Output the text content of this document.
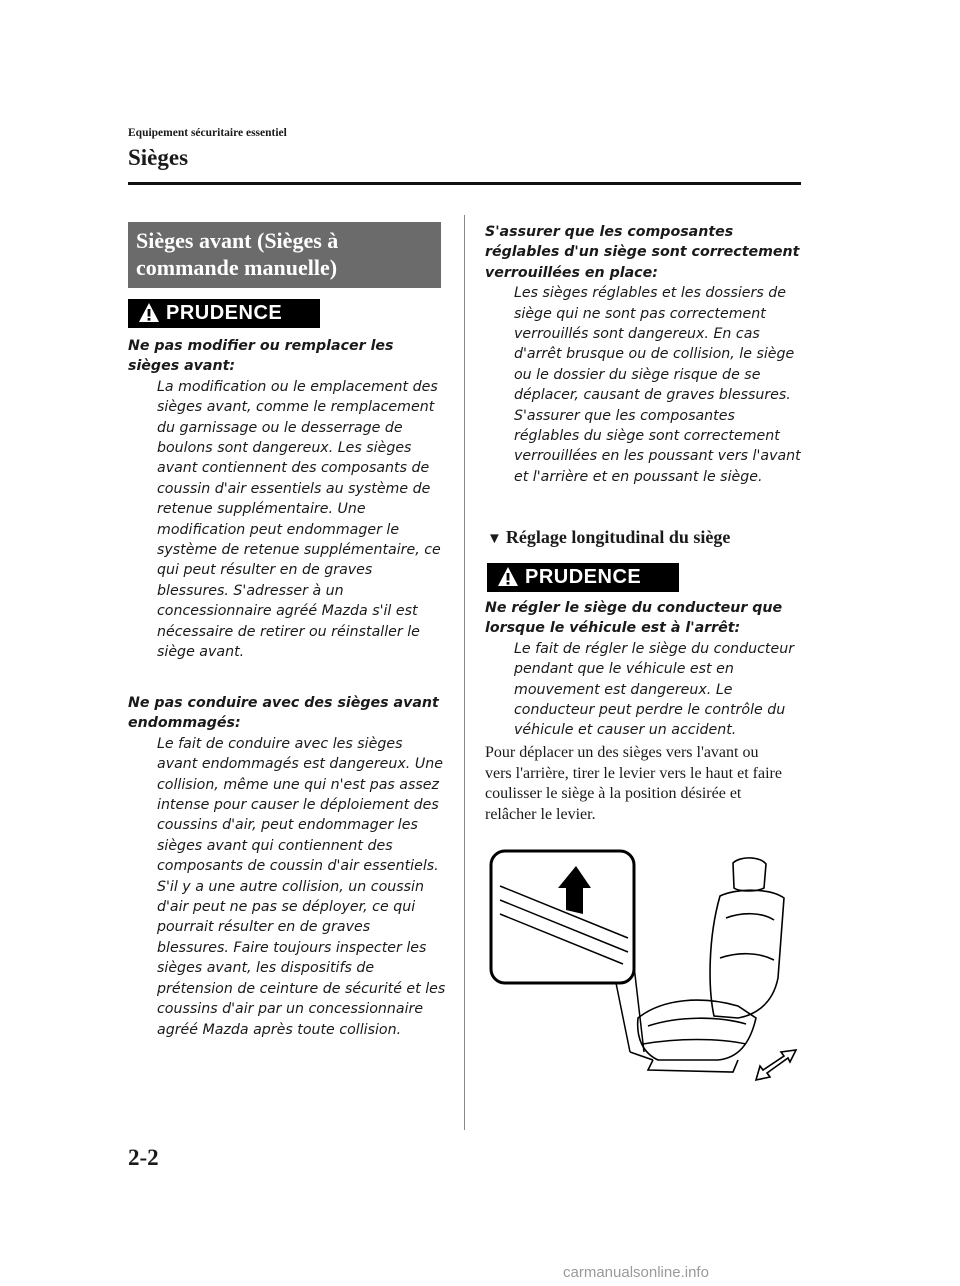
Equipement sécuritaire essentiel
Sièges
Sièges avant (Sièges à commande manuelle)
PRUDENCE
Ne pas modifier ou remplacer les sièges avant:
La modification ou le emplacement des sièges avant, comme le remplacement du garnissage ou le desserrage de boulons sont dangereux. Les sièges avant contiennent des composants de coussin d'air essentiels au système de retenue supplémentaire. Une modification peut endommager le système de retenue supplémentaire, ce qui peut résulter en de graves blessures. S'adresser à un concessionnaire agréé Mazda s'il est nécessaire de retirer ou réinstaller le siège avant.
Ne pas conduire avec des sièges avant endommagés:
Le fait de conduire avec les sièges avant endommagés est dangereux. Une collision, même une qui n'est pas assez intense pour causer le déploiement des coussins d'air, peut endommager les sièges avant qui contiennent des composants de coussin d'air essentiels. S'il y a une autre collision, un coussin d'air peut ne pas se déployer, ce qui pourrait résulter en de graves blessures. Faire toujours inspecter les sièges avant, les dispositifs de prétension de ceinture de sécurité et les coussins d'air par un concessionnaire agréé Mazda après toute collision.
S'assurer que les composantes réglables d'un siège sont correctement verrouillées en place:
Les sièges réglables et les dossiers de siège qui ne sont pas correctement verrouillés sont dangereux. En cas d'arrêt brusque ou de collision, le siège ou le dossier du siège risque de se déplacer, causant de graves blessures. S'assurer que les composantes réglables du siège sont correctement verrouillées en les poussant vers l'avant et l'arrière et en poussant le siège.
▼ Réglage longitudinal du siège
PRUDENCE
Ne régler le siège du conducteur que lorsque le véhicule est à l'arrêt:
Le fait de régler le siège du conducteur pendant que le véhicule est en mouvement est dangereux. Le conducteur peut perdre le contrôle du véhicule et causer un accident.
Pour déplacer un des sièges vers l'avant ou vers l'arrière, tirer le levier vers le haut et faire coulisser le siège à la position désirée et relâcher le levier.
2-2
carmanualsonline.info
